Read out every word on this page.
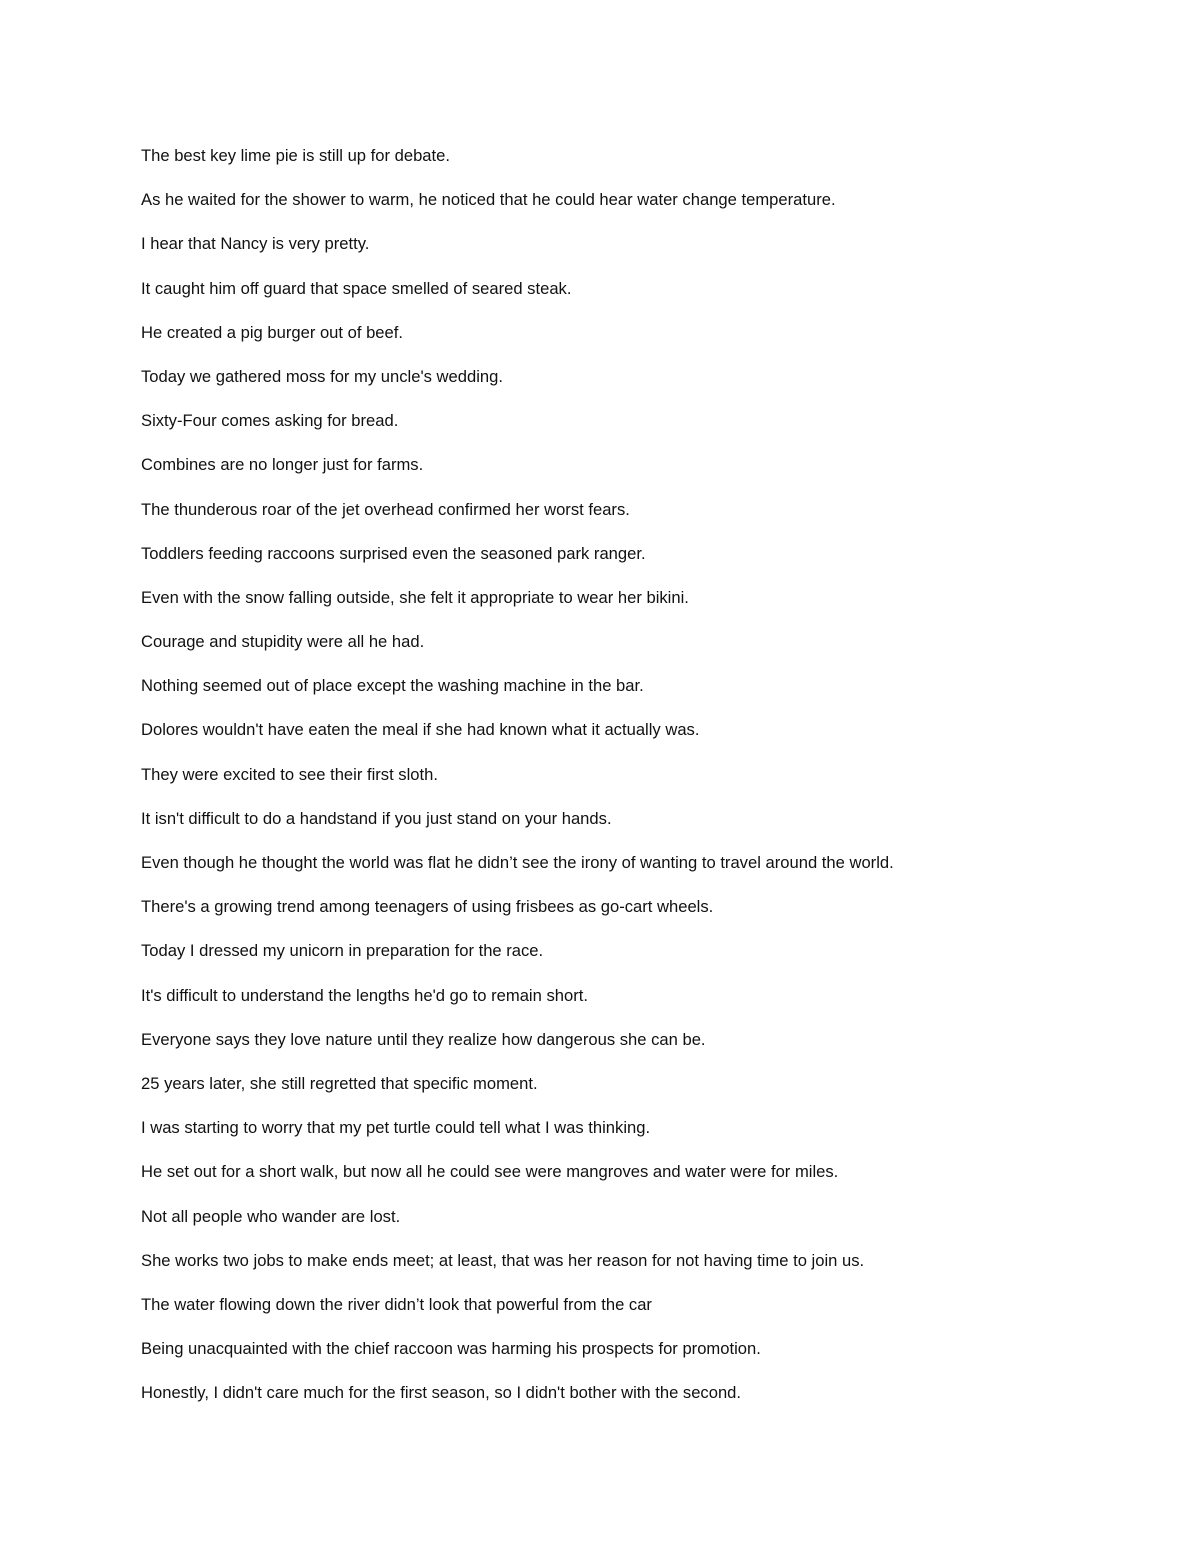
The best key lime pie is still up for debate.
As he waited for the shower to warm, he noticed that he could hear water change temperature.
I hear that Nancy is very pretty.
It caught him off guard that space smelled of seared steak.
He created a pig burger out of beef.
Today we gathered moss for my uncle's wedding.
Sixty-Four comes asking for bread.
Combines are no longer just for farms.
The thunderous roar of the jet overhead confirmed her worst fears.
Toddlers feeding raccoons surprised even the seasoned park ranger.
Even with the snow falling outside, she felt it appropriate to wear her bikini.
Courage and stupidity were all he had.
Nothing seemed out of place except the washing machine in the bar.
Dolores wouldn't have eaten the meal if she had known what it actually was.
They were excited to see their first sloth.
It isn't difficult to do a handstand if you just stand on your hands.
Even though he thought the world was flat he didn’t see the irony of wanting to travel around the world.
There's a growing trend among teenagers of using frisbees as go-cart wheels.
Today I dressed my unicorn in preparation for the race.
It's difficult to understand the lengths he'd go to remain short.
Everyone says they love nature until they realize how dangerous she can be.
25 years later, she still regretted that specific moment.
I was starting to worry that my pet turtle could tell what I was thinking.
He set out for a short walk, but now all he could see were mangroves and water were for miles.
Not all people who wander are lost.
She works two jobs to make ends meet; at least, that was her reason for not having time to join us.
The water flowing down the river didn’t look that powerful from the car
Being unacquainted with the chief raccoon was harming his prospects for promotion.
Honestly, I didn't care much for the first season, so I didn't bother with the second.
